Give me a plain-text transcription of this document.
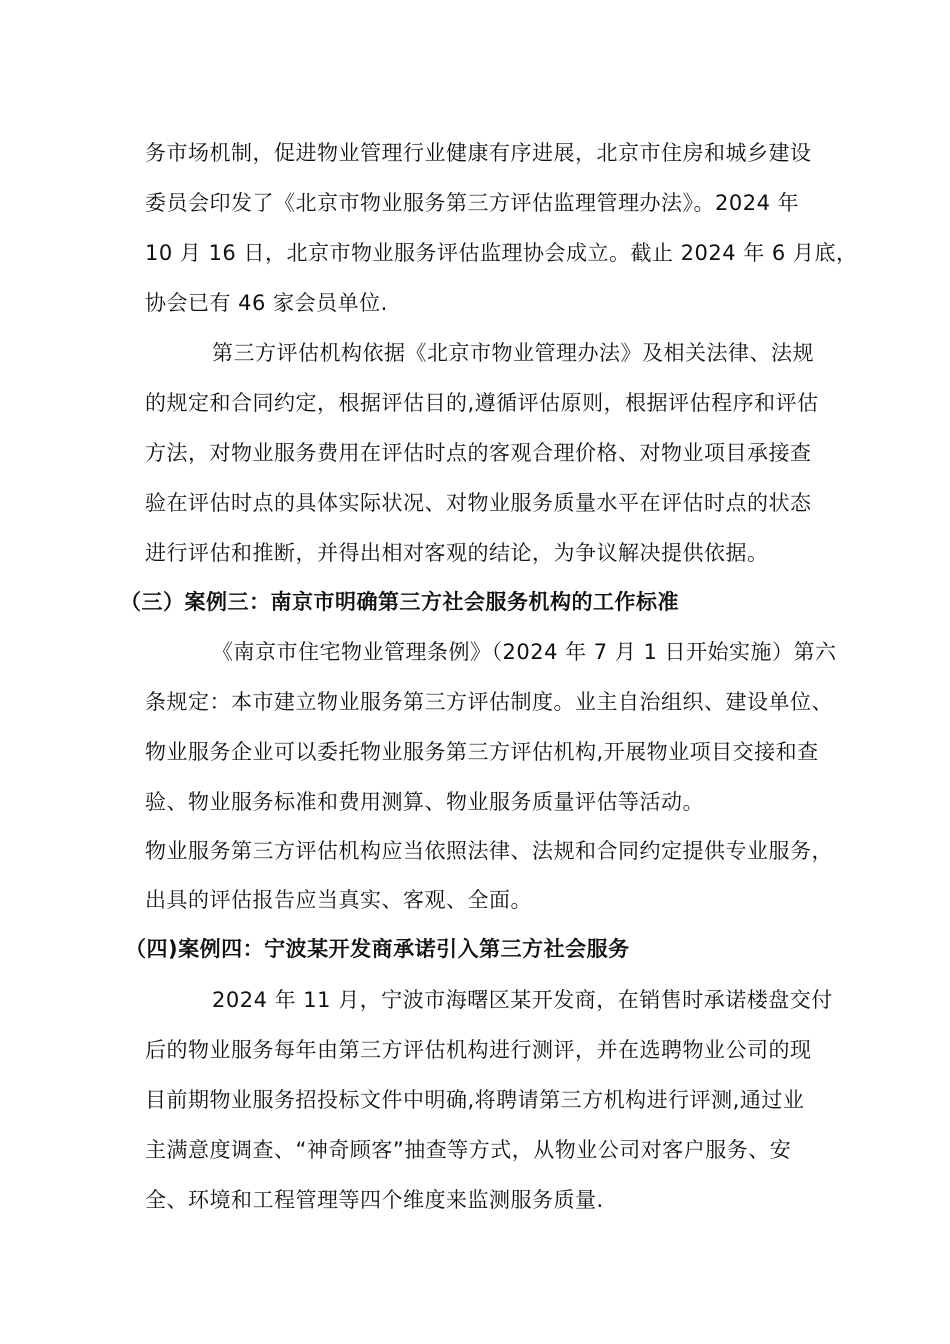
务市场机制，促进物业管理行业健康有序进展，北京市住房和城乡建设
委员会印发了《北京市物业服务第三方评估监理管理办法》。2024 年
10 月 16 日，北京市物业服务评估监理协会成立。截止 2024 年 6 月底，
协会已有 46 家会员单位.
第三方评估机构依据《北京市物业管理办法》及相关法律、法规
的规定和合同约定，根据评估目的,遵循评估原则，根据评估程序和评估
方法，对物业服务费用在评估时点的客观合理价格、对物业项目承接查
验在评估时点的具体实际状况、对物业服务质量水平在评估时点的状态
进行评估和推断，并得出相对客观的结论，为争议解决提供依据。
（三）案例三：南京市明确第三方社会服务机构的工作标准
《南京市住宅物业管理条例》（2024 年 7 月 1 日开始实施）第六
条规定：本市建立物业服务第三方评估制度。业主自治组织、建设单位、
物业服务企业可以委托物业服务第三方评估机构,开展物业项目交接和查
验、物业服务标准和费用测算、物业服务质量评估等活动。
物业服务第三方评估机构应当依照法律、法规和合同约定提供专业服务，
出具的评估报告应当真实、客观、全面。
（四)案例四：宁波某开发商承诺引入第三方社会服务
2024 年 11 月，宁波市海曙区某开发商，在销售时承诺楼盘交付
后的物业服务每年由第三方评估机构进行测评，并在选聘物业公司的现
目前期物业服务招投标文件中明确,将聘请第三方机构进行评测,通过业
主满意度调查、“神奇顾客”抽查等方式，从物业公司对客户服务、安
全、环境和工程管理等四个维度来监测服务质量.
